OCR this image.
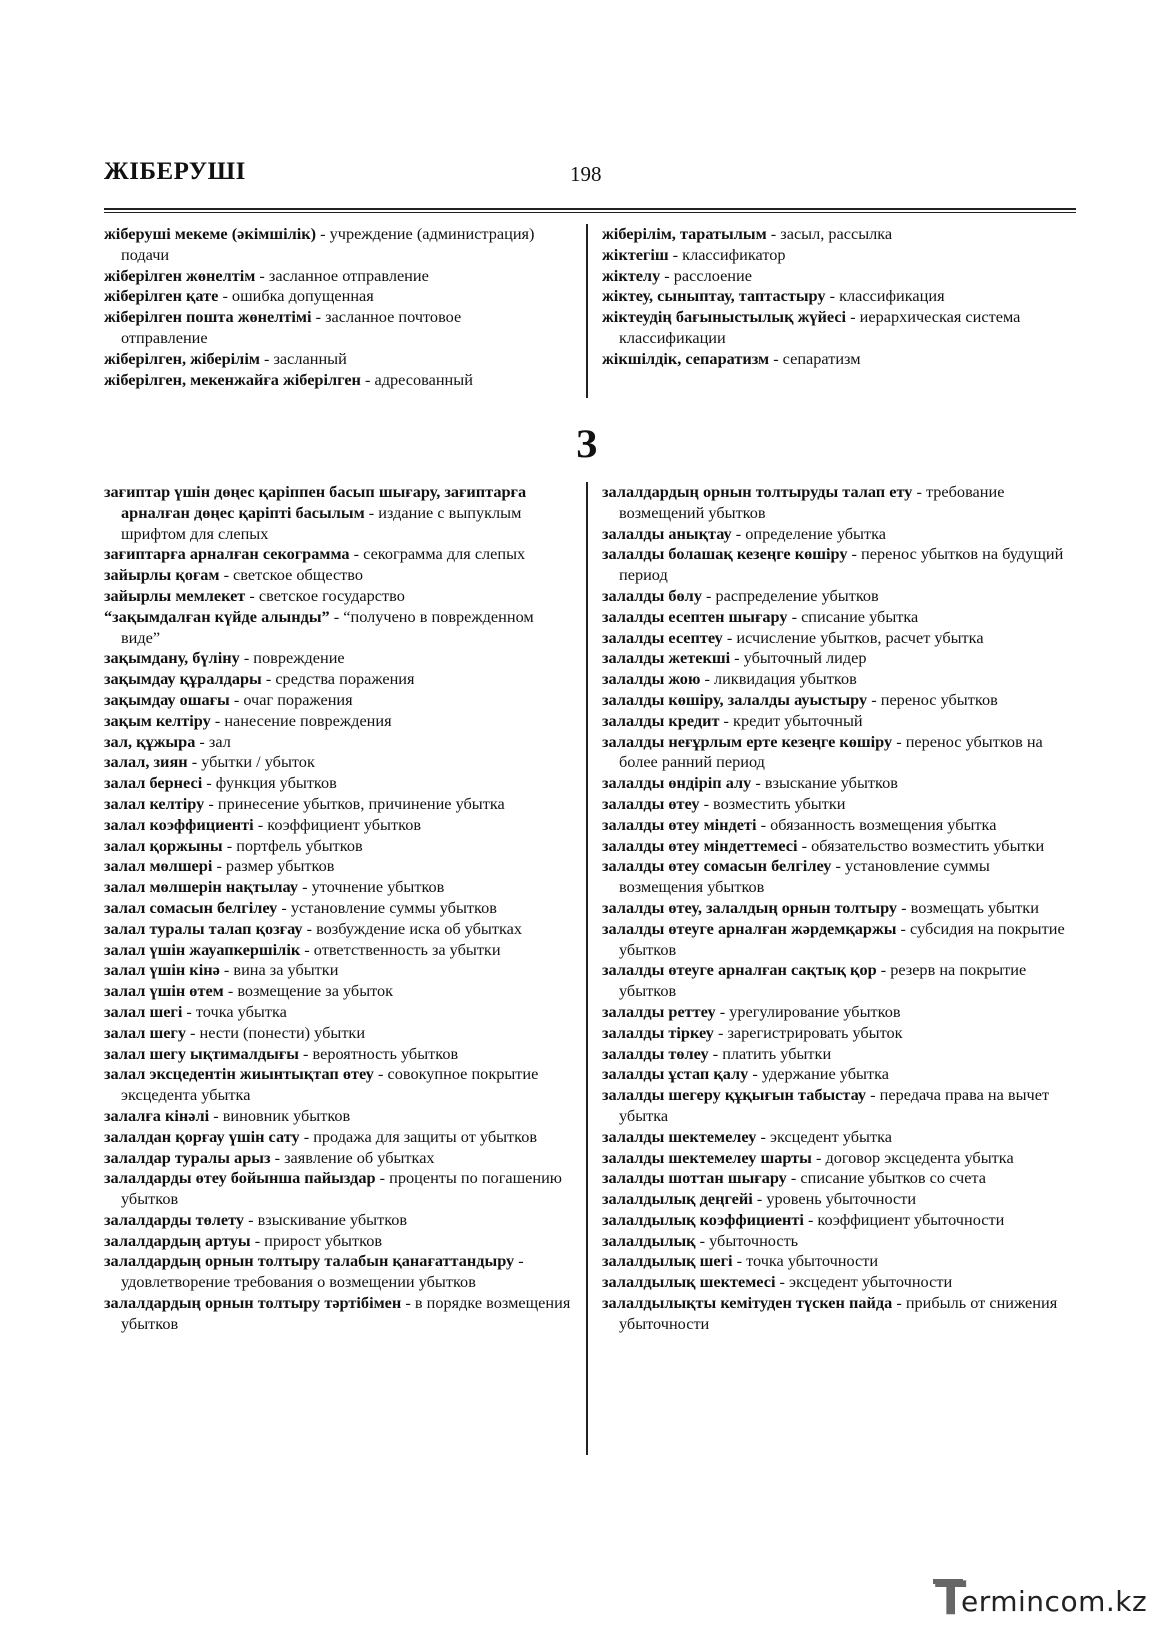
ЖІБЕРУШІ	198
жіберуші мекеме (әкімшілік) - учреждение (администрация) подачи
жіберілген жөнелтім - засланное отправление
жіберілген қате - ошибка допущенная
жіберілген пошта жөнелтімі - засланное почтовое отправление
жіберілген, жіберілім - засланный
жіберілген, мекенжайға жіберілген - адресованный
жіберілім, таратылым - засыл, рассылка
жіктегіш - классификатор
жіктелу - расслоение
жіктеу, сыныптау, таптастыру - классификация
жіктеудің бағыныстылық жүйесі - иерархическая система классификации
жікшілдік, сепаратизм - сепаратизм
З
зағиптар үшін дөңес қаріппен басып шығару, зағиптарға арналған дөңес қаріпті басылым - издание с выпуклым шрифтом для слепых
зағиптарға арналған секограмма - секограмма для слепых
зайырлы қоғам - светское общество
зайырлы мемлекет - светское государство
“зақымдалған күйде алынды” - “получено в поврежденном виде”
зақымдану, бүліну - повреждение
зақымдау құралдары - средства поражения
зақымдау ошағы - очаг поражения
зақым келтіру - нанесение повреждения
зал, құжыра - зал
залал, зиян - убытки / убыток
залал бернесі - функция убытков
залал келтіру - принесение убытков, причинение убытка
залал коэффициенті - коэффициент убытков
залал қоржыны - портфель убытков
залал мөлшері - размер убытков
залал мөлшерін нақтылау - уточнение убытков
залал сомасын белгілеу - установление суммы убытков
залал туралы талап қозғау - возбуждение иска об убытках
залал үшін жауапкершілік - ответственность за убытки
залал үшін кінә - вина за убытки
залал үшін өтем - возмещение за убыток
залал шегі - точка убытка
залал шегу - нести (понести) убытки
залал шегу ықтималдығы - вероятность убытков
залал эксцедентін жиынтықтап өтеу - совокупное покрытие эксцедента убытка
залалға кінәлі - виновник убытков
залалдан қорғау үшін сату - продажа для защиты от убытков
залалдар туралы арыз - заявление об убытках
залалдарды өтеу бойынша пайыздар - проценты по погашению убытков
залалдарды төлету - взыскивание убытков
залалдардың артуы - прирост убытков
залалдардың орнын толтыру талабын қанағаттандыру - удовлетворение требования о возмещении убытков
залалдардың орнын толтыру тәртібімен - в порядке возмещения убытков
залалдардың орнын толтыруды талап ету - требование возмещений убытков
залалды анықтау - определение убытка
залалды болашақ кезеңге көшіру - перенос убытков на будущий период
залалды бөлу - распределение убытков
залалды есептен шығару - списание убытка
залалды есептеу - исчисление убытков, расчет убытка
залалды жетекші - убыточный лидер
залалды жою - ликвидация убытков
залалды көшіру, залалды ауыстыру - перенос убытков
залалды кредит - кредит убыточный
залалды неғұрлым ерте кезеңге көшіру - перенос убытков на более ранний период
залалды өндіріп алу - взыскание убытков
залалды өтеу - возместить убытки
залалды өтеу міндеті - обязанность возмещения убытка
залалды өтеу міндеттемесі - обязательство возместить убытки
залалды өтеу сомасын белгілеу - установление суммы возмещения убытков
залалды өтеу, залалдың орнын толтыру - возмещать убытки
залалды өтеуге арналған жәрдемқаржы - субсидия на покрытие убытков
залалды өтеуге арналған сақтық қор - резерв на покрытие убытков
залалды реттеу - урегулирование убытков
залалды тіркеу - зарегистрировать убыток
залалды төлеу - платить убытки
залалды ұстап қалу - удержание убытка
залалды шегеру құқығын табыстау - передача права на вычет убытка
залалды шектемелеу - эксцедент убытка
залалды шектемелеу шарты - договор эксцедента убытка
залалды шоттан шығару - списание убытков со счета
залалдылық деңгейі - уровень убыточности
залалдылық коэффициенті - коэффициент убыточности
залалдылық - убыточность
залалдылық шегі - точка убыточности
залалдылық шектемесі - эксцедент убыточности
залалдылықты кемітуден түскен пайда - прибыль от снижения убыточности
T
ermincom.kz
